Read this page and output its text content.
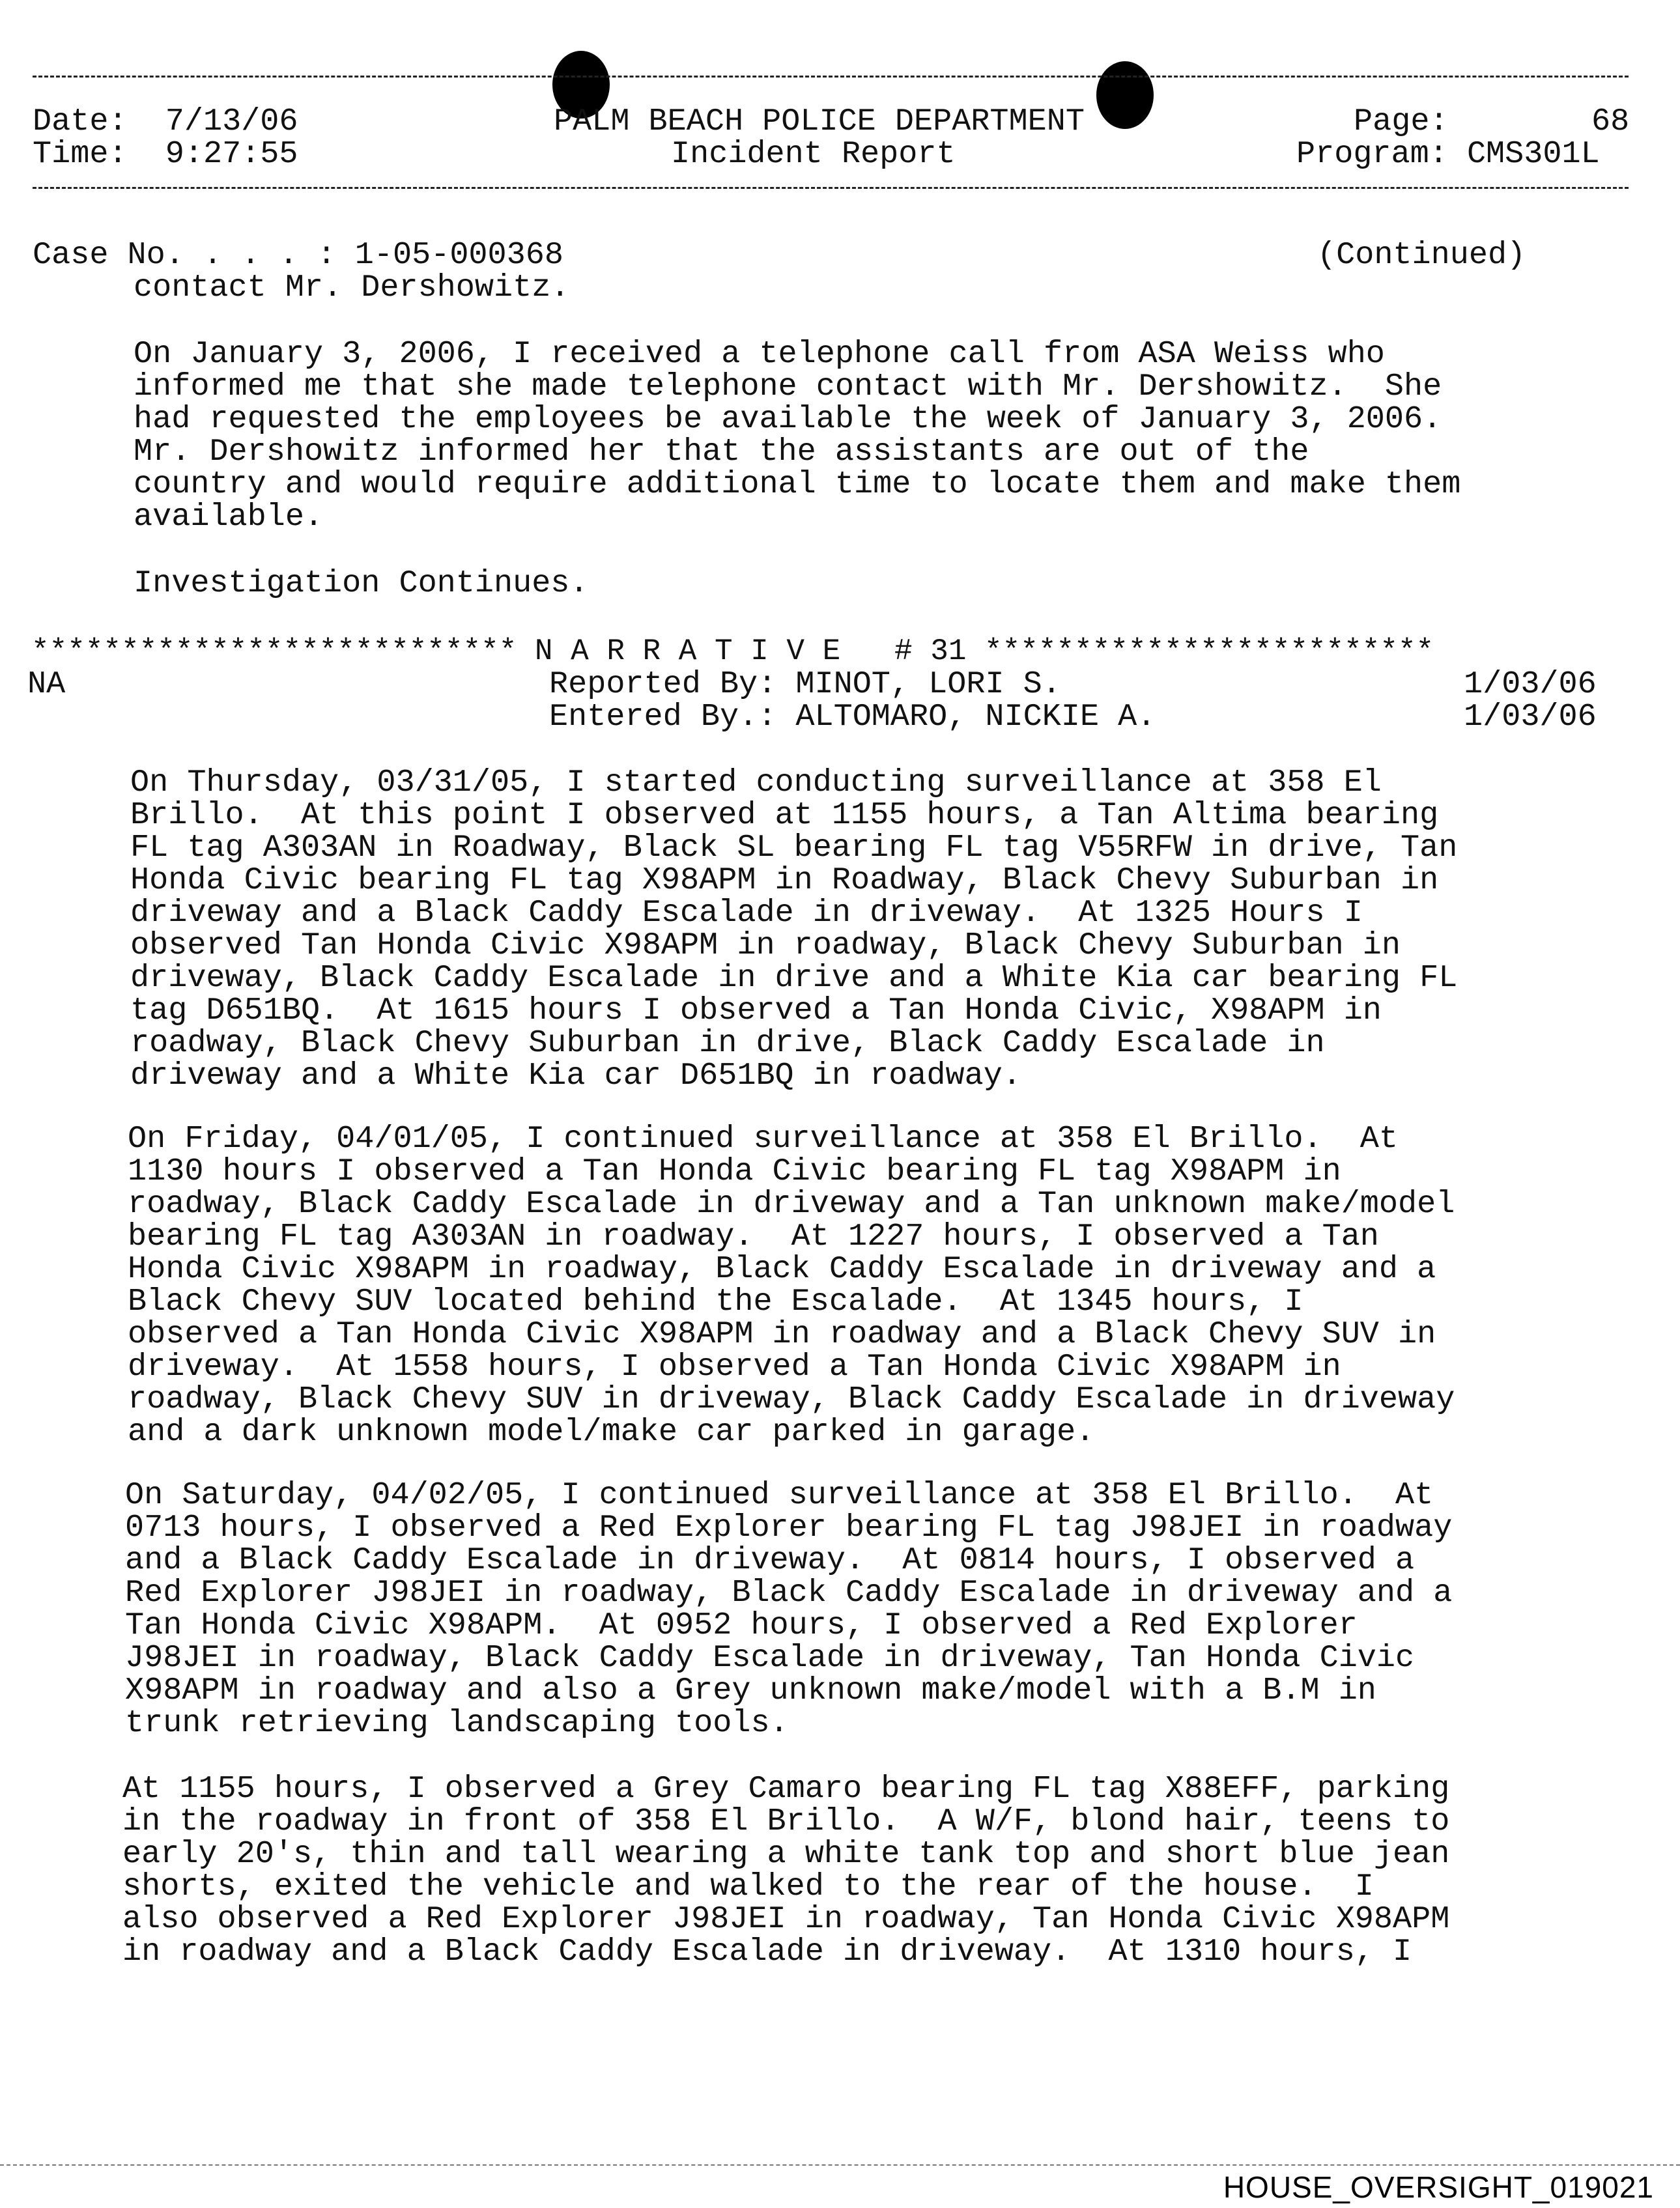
Date: 7/13/06
Time: 9:27:55
PALM BEACH POLICE DEPARTMENT
Incident Report
Page:	68
Program: CMS301L
Case No. . . . : 1-05-000368	(Continued)
contact Mr. Dershowitz.
On January 3, 2006, I received a telephone call from ASA Weiss who
informed me that she made telephone contact with Mr. Dershowitz.  She
had requested the employees be available the week of January 3, 2006.
Mr. Dershowitz informed her that the assistants are out of the
country and would require additional time to locate them and make them
available.
Investigation Continues.
*************************** N A R R A T I V E   # 31 *************************
NA	Reported By: MINOT, LORI S.	1/03/06
Entered By.: ALTOMARO, NICKIE A.	1/03/06
On Thursday, 03/31/05, I started conducting surveillance at 358 El
Brillo.  At this point I observed at 1155 hours, a Tan Altima bearing
FL tag A303AN in Roadway, Black SL bearing FL tag V55RFW in drive, Tan
Honda Civic bearing FL tag X98APM in Roadway, Black Chevy Suburban in
driveway and a Black Caddy Escalade in driveway.  At 1325 Hours I
observed Tan Honda Civic X98APM in roadway, Black Chevy Suburban in
driveway, Black Caddy Escalade in drive and a White Kia car bearing FL
tag D651BQ.  At 1615 hours I observed a Tan Honda Civic, X98APM in
roadway, Black Chevy Suburban in drive, Black Caddy Escalade in
driveway and a White Kia car D651BQ in roadway.
On Friday, 04/01/05, I continued surveillance at 358 El Brillo.  At
1130 hours I observed a Tan Honda Civic bearing FL tag X98APM in
roadway, Black Caddy Escalade in driveway and a Tan unknown make/model
bearing FL tag A303AN in roadway.  At 1227 hours, I observed a Tan
Honda Civic X98APM in roadway, Black Caddy Escalade in driveway and a
Black Chevy SUV located behind the Escalade.  At 1345 hours, I
observed a Tan Honda Civic X98APM in roadway and a Black Chevy SUV in
driveway.  At 1558 hours, I observed a Tan Honda Civic X98APM in
roadway, Black Chevy SUV in driveway, Black Caddy Escalade in driveway
and a dark unknown model/make car parked in garage.
On Saturday, 04/02/05, I continued surveillance at 358 El Brillo.  At
0713 hours, I observed a Red Explorer bearing FL tag J98JEI in roadway
and a Black Caddy Escalade in driveway.  At 0814 hours, I observed a
Red Explorer J98JEI in roadway, Black Caddy Escalade in driveway and a
Tan Honda Civic X98APM.  At 0952 hours, I observed a Red Explorer
J98JEI in roadway, Black Caddy Escalade in driveway, Tan Honda Civic
X98APM in roadway and also a Grey unknown make/model with a B.M in
trunk retrieving landscaping tools.
At 1155 hours, I observed a Grey Camaro bearing FL tag X88EFF, parking
in the roadway in front of 358 El Brillo.  A W/F, blond hair, teens to
early 20's, thin and tall wearing a white tank top and short blue jean
shorts, exited the vehicle and walked to the rear of the house.  I
also observed a Red Explorer J98JEI in roadway, Tan Honda Civic X98APM
in roadway and a Black Caddy Escalade in driveway.  At 1310 hours, I
HOUSE_OVERSIGHT_019021
